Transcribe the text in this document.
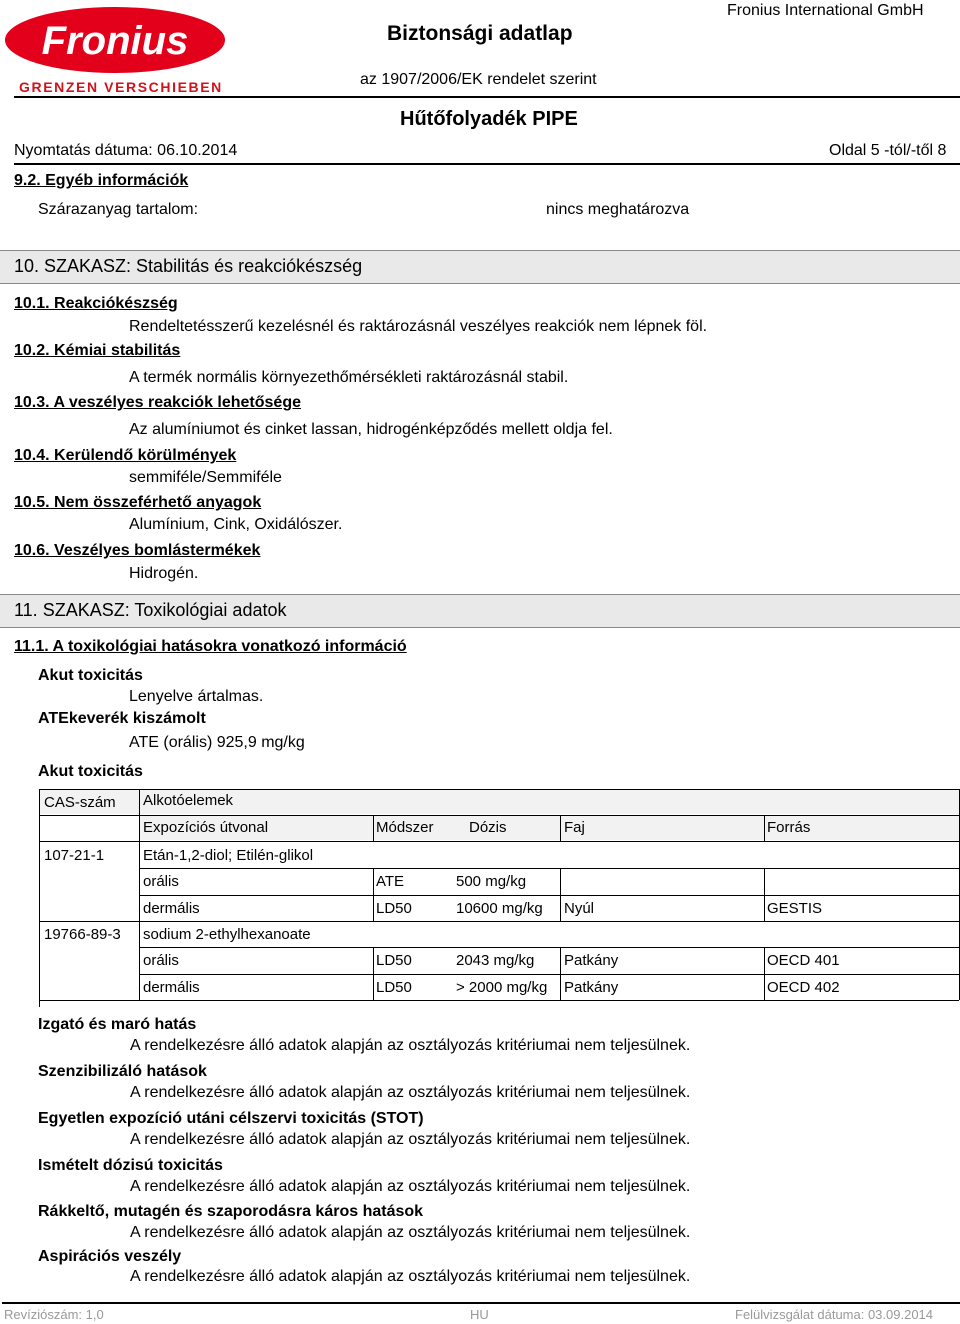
Fronius
GRENZEN VERSCHIEBEN
Biztonsági adatlap
Fronius International GmbH
az 1907/2006/EK rendelet szerint
Hűtőfolyadék PIPE
Nyomtatás dátuma: 06.10.2014	Oldal 5 -tól/-től 8
9.2. Egyéb információk
Szárazanyag tartalom:	nincs meghatározva
10. SZAKASZ: Stabilitás és reakciókészség
10.1. Reakciókészség
Rendeltetésszerű kezelésnél és raktározásnál veszélyes reakciók nem lépnek föl.
10.2. Kémiai stabilitás
A termék normális környezethőmérsékleti raktározásnál stabil.
10.3. A veszélyes reakciók lehetősége
Az alumíniumot és cinket lassan, hidrogénképződés mellett oldja fel.
10.4. Kerülendő körülmények
semmiféle/Semmiféle
10.5. Nem összeférhető anyagok
Alumínium, Cink, Oxidálószer.
10.6. Veszélyes bomlástermékek
Hidrogén.
11. SZAKASZ: Toxikológiai adatok
11.1. A toxikológiai hatásokra vonatkozó információ
Akut toxicitás
Lenyelve ártalmas.
ATEkeverék kiszámolt
ATE (orális) 925,9 mg/kg
Akut toxicitás
CAS-szám Alkotóelemek
Expozíciós útvonal	Módszer Dózis	Faj	Forrás
107-21-1	Etán-1,2-diol; Etilén-glikol
orális	ATE	500 mg/kg
dermális	LD50	10600 mg/kg Nyúl	GESTIS
19766-89-3 sodium 2-ethylhexanoate
orális	LD50	2043 mg/kg Patkány	OECD 401
dermális	LD50	> 2000 mg/kg Patkány	OECD 402
Izgató és maró hatás
A rendelkezésre álló adatok alapján az osztályozás kritériumai nem teljesülnek.
Szenzibilizáló hatások
A rendelkezésre álló adatok alapján az osztályozás kritériumai nem teljesülnek.
Egyetlen expozíció utáni célszervi toxicitás (STOT)
A rendelkezésre álló adatok alapján az osztályozás kritériumai nem teljesülnek.
Ismételt dózisú toxicitás
A rendelkezésre álló adatok alapján az osztályozás kritériumai nem teljesülnek.
Rákkeltő, mutagén és szaporodásra káros hatások
A rendelkezésre álló adatok alapján az osztályozás kritériumai nem teljesülnek.
Aspirációs veszély
A rendelkezésre álló adatok alapján az osztályozás kritériumai nem teljesülnek.
Revíziószám: 1,0	HU	Felülvizsgálat dátuma: 03.09.2014
